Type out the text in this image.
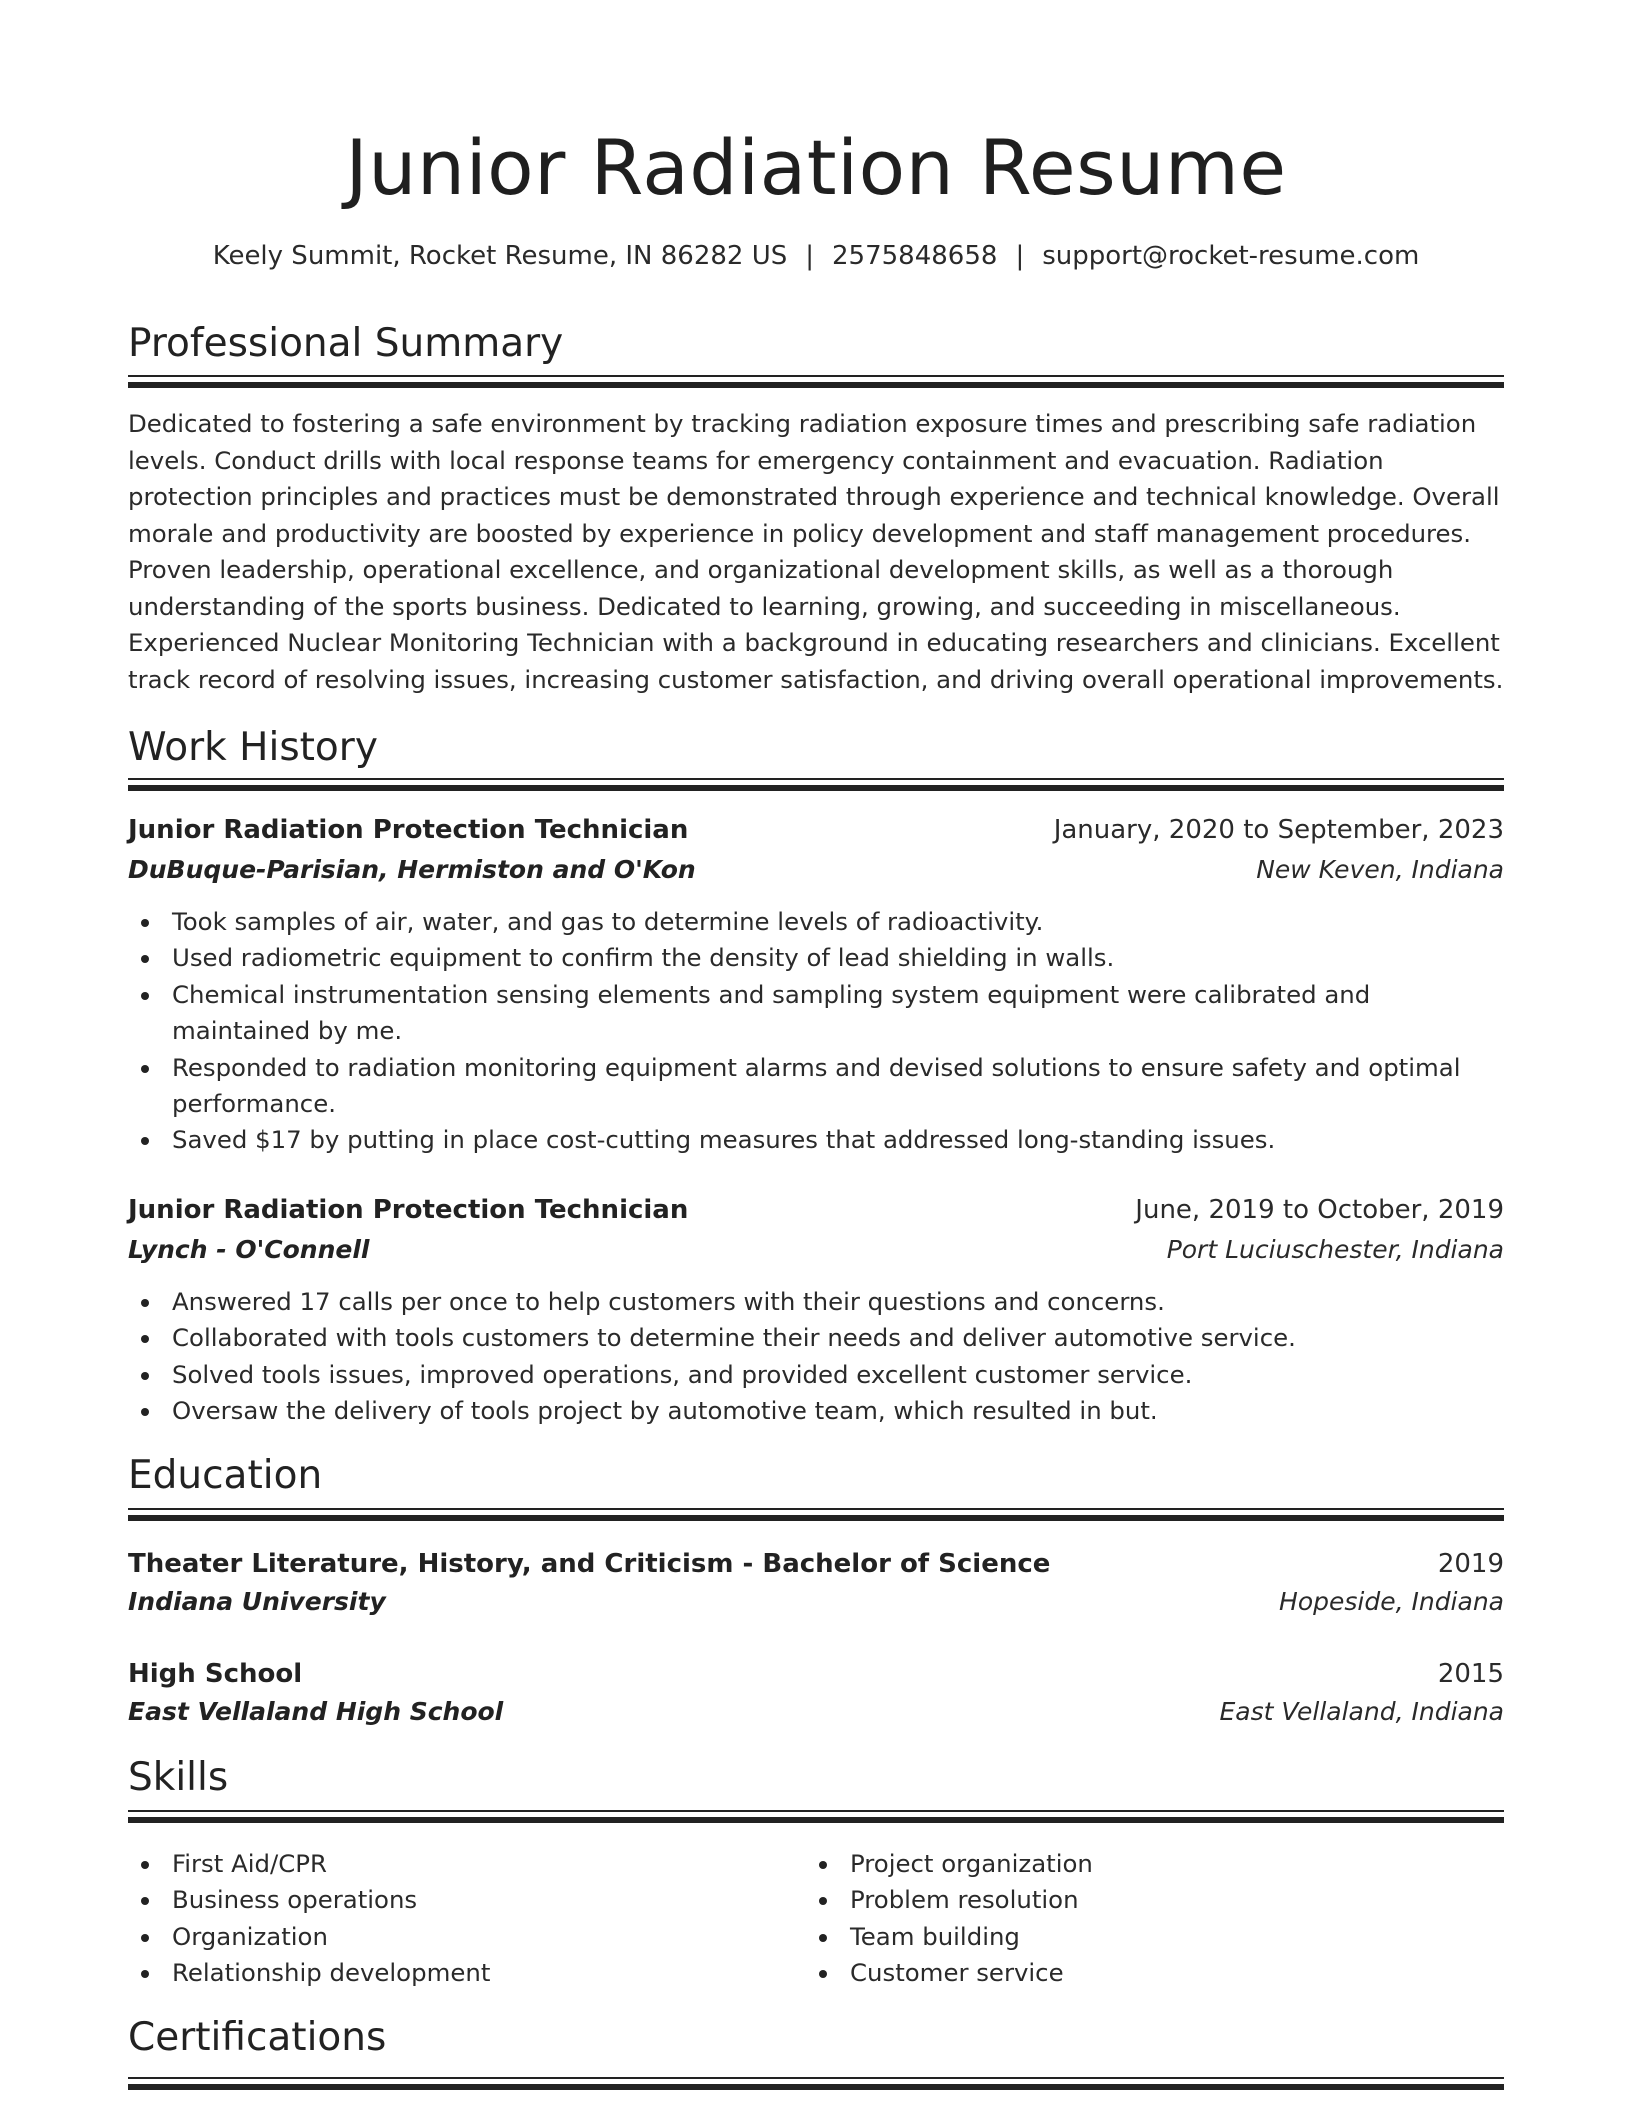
Junior Radiation Resume
Keely Summit, Rocket Resume, IN 86282 US | 2575848658 | support@rocket-resume.com
Professional Summary
Dedicated to fostering a safe environment by tracking radiation exposure times and prescribing safe radiation levels. Conduct drills with local response teams for emergency containment and evacuation. Radiation protection principles and practices must be demonstrated through experience and technical knowledge. Overall morale and productivity are boosted by experience in policy development and staff management procedures. Proven leadership, operational excellence, and organizational development skills, as well as a thorough understanding of the sports business. Dedicated to learning, growing, and succeeding in miscellaneous. Experienced Nuclear Monitoring Technician with a background in educating researchers and clinicians. Excellent track record of resolving issues, increasing customer satisfaction, and driving overall operational improvements.
Work History
Junior Radiation Protection Technician	January, 2020 to September, 2023
DuBuque-Parisian, Hermiston and O'Kon	New Keven, Indiana
Took samples of air, water, and gas to determine levels of radioactivity.
Used radiometric equipment to confirm the density of lead shielding in walls.
Chemical instrumentation sensing elements and sampling system equipment were calibrated and maintained by me.
Responded to radiation monitoring equipment alarms and devised solutions to ensure safety and optimal performance.
Saved $17 by putting in place cost-cutting measures that addressed long-standing issues.
Junior Radiation Protection Technician	June, 2019 to October, 2019
Lynch - O'Connell	Port Luciuschester, Indiana
Answered 17 calls per once to help customers with their questions and concerns.
Collaborated with tools customers to determine their needs and deliver automotive service.
Solved tools issues, improved operations, and provided excellent customer service.
Oversaw the delivery of tools project by automotive team, which resulted in but.
Education
Theater Literature, History, and Criticism - Bachelor of Science	2019
Indiana University	Hopeside, Indiana
High School	2015
East Vellaland High School	East Vellaland, Indiana
Skills
First Aid/CPR
Business operations
Organization
Relationship development
Project organization
Problem resolution
Team building
Customer service
Certifications
